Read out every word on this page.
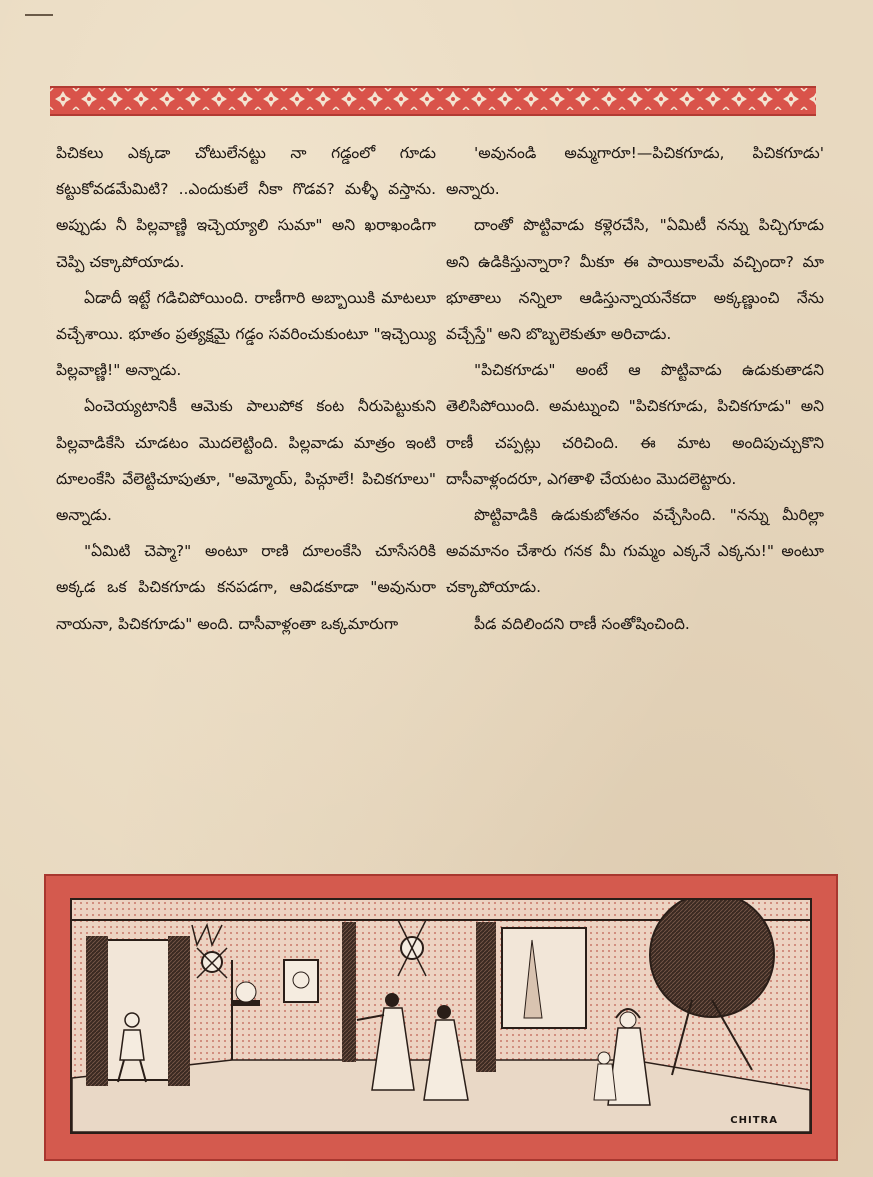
పిచికలు ఎక్కడా చోటులేనట్టు నా గడ్డంలో గూడు కట్టుకోవడమేమిటి? ..ఎందుకులే నీకా గొడవ? మళ్ళీ వస్తాను. అప్పుడు నీ పిల్లవాణ్ణి ఇచ్చెయ్యాలి సుమా" అని ఖరాఖండిగా చెప్పి చక్కాపోయాడు.

ఏడాదీ ఇట్టే గడిచిపోయింది. రాణీగారి అబ్బాయికి మాటలూ వచ్చేశాయి. భూతం ప్రత్యక్షమై గడ్డం సవరించుకుంటూ "ఇచ్చెయ్యి పిల్లవాణ్ణి!" అన్నాడు.

ఏంచెయ్యటానికీ ఆమెకు పాలుపోక కంట నీరుపెట్టుకుని పిల్లవాడికేసి చూడటం మొదలెట్టింది. పిల్లవాడు మాత్రం ఇంటి దూలంకేసి వేలెట్టిచూపుతూ, "అమ్మోయ్, పిచ్గూలే! పిచికగూలు" అన్నాడు.

"ఏమిటి చెప్మా?" అంటూ రాణి దూలంకేసి చూసేసరికి అక్కడ ఒక పిచికగూడు కనపడగా, ఆవిడకూడా "అవునురా నాయనా, పిచికగూడు" అంది. దాసీవాళ్లంతా ఒక్కమారుగా

'అవునండి అమ్మగారూ!—పిచికగూడు, పిచికగూడు' అన్నారు.

దాంతో పొట్టివాడు కళ్లెరచేసి, "ఏమిటీ నన్ను పిచ్చిగూడు అని ఉడికిస్తున్నారా? మీకూ ఈ పాయికాలమే వచ్చిందా? మా భూతాలు నన్నిలా ఆడిస్తున్నాయనేకదా అక్కణ్ణుంచి నేను వచ్చేస్తే" అని బొబ్బలెకుతూ అరిచాడు.

"పిచికగూడు" అంటే ఆ పొట్టివాడు ఉడుకుతాడని తెలిసిపోయింది. అమట్నుంచి "పిచికగూడు, పిచికగూడు" అని రాణీ చప్పట్లు చరిచింది. ఈ మాట అందిపుచ్చుకొని దాసీవాళ్లందరూ, ఎగతాళి చేయటం మొదలెట్టారు.

పొట్టివాడికి ఉడుకుబోతనం వచ్చేసింది. "నన్ను మీరిల్లా అవమానం చేశారు గనక మీ గుమ్మం ఎక్కనే ఎక్కను!" అంటూ చక్కాపోయాడు.

పీడ వదిలిందని రాణీ సంతోషించింది.

CHITRA
